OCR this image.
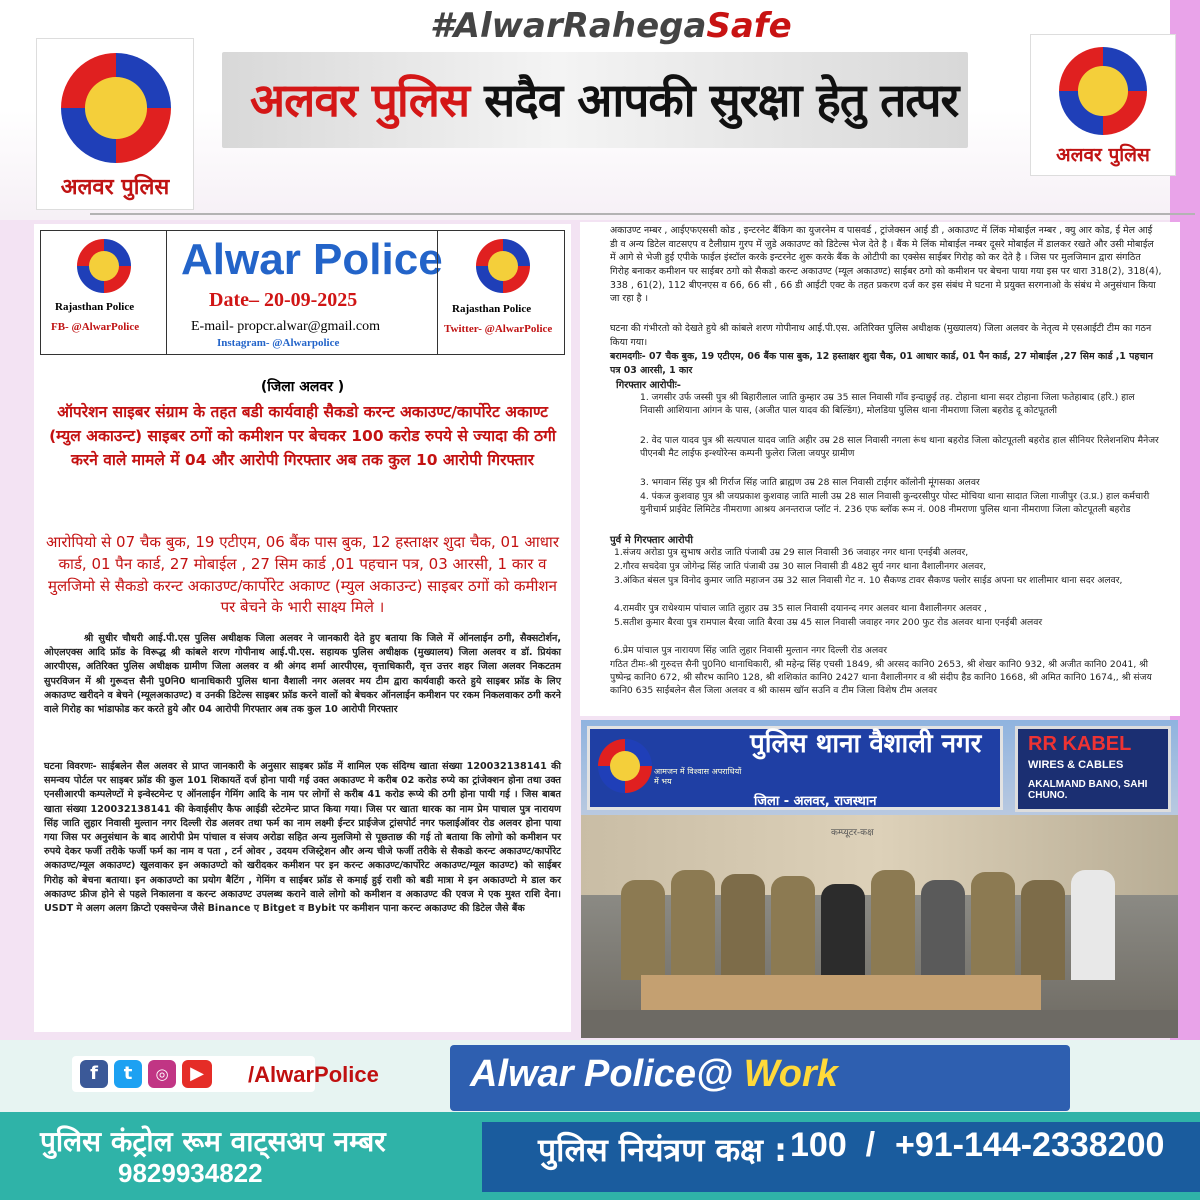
#AlwarRahegaSafe
अलवर पुलिस
अलवर पुलिस सदैव आपकी सुरक्षा हेतु तत्पर
अलवर पुलिस
Rajasthan Police
FB- @AlwarPolice
Alwar Police
Date– 20-09-2025
E-mail- propcr.alwar@gmail.com
Instagram- @Alwarpolice
Rajasthan Police
Twitter- @AlwarPolice
(जिला अलवर )
ऑपरेशन साइबर संग्राम के तहत बडी कार्यवाही सैकडो करन्ट अकाउण्ट/कार्पोरेट अकाण्ट (म्युल अकाउन्ट) साइबर ठगों को कमीशन पर बेचकर 100 करोड रुपये से ज्यादा की ठगी करने वाले मामले में 04 और आरोपी गिरफ्तार अब तक कुल 10 आरोपी गिरफ्तार
आरोपियो से 07 चैक बुक, 19 एटीएम, 06 बैंक पास बुक, 12 हस्ताक्षर शुदा चैक, 01 आधार कार्ड, 01 पैन कार्ड, 27 मोबाईल , 27 सिम कार्ड ,01 पहचान पत्र, 03 आरसी, 1 कार व मुलजिमो से सैकडो करन्ट अकाउण्ट/कार्पोरेट अकाण्ट (म्युल अकाउन्ट) साइबर ठगों को कमीशन पर बेचने के भारी साक्ष्य मिले ।
श्री सुधीर चौधरी आई.पी.एस पुलिस अधीक्षक जिला अलवर ने जानकारी देते हुए बताया कि जिले में ऑनलाईन ठगी, सैक्सटोर्शन, ओएलएक्स आदि फ्रॉड के विरूद्ध श्री कांबले शरण गोपीनाथ आई.पी.एस. सहायक पुलिस अधीक्षक (मुख्यालय) जिला अलवर व डॉ. प्रियंका आरपीएस, अतिरिक्त पुलिस अधीक्षक ग्रामीण जिला अलवर व श्री अंगद शर्मा आरपीएस, वृत्ताधिकारी, वृत्त उत्तर शहर जिला अलवर निकटतम सुपरविजन में श्री गुरूदत्त सैनी पु0नि0 थानाधिकारी पुलिस थाना वैशाली नगर अलवर मय टीम द्वारा कार्यवाही करते हुये साइबर फ्रॉड के लिए अकाउण्ट खरीदने व बेचने (म्यूलअकाउण्ट) व उनकी डिटेल्स साइबर फ्रॉड करने वालों को बेचकर ऑनलाईन कमीशन पर रकम निकलवाकर ठगी करने वाले गिरोह का भांडाफोड कर करते हुये और 04 आरोपी गिरफ्तार अब तक कुल 10 आरोपी गिरफ्तार
घटना विवरणः- साईबलेन सैल अलवर से प्राप्त जानकारी के अनुसार साइबर फ्रॉड में शामिल एक संदिग्ध खाता संख्या 120032138141 की समन्वय पोर्टल पर साइबर फ्रॉड की कुल 101 शिकायतें दर्ज होना पायी गई उक्त अकाउण्ट मे करीब 02 करोड रुप्ये का ट्रांजेक्शन होना तथा उक्त एनसीआरपी कम्पलेण्टों मे इन्वेस्टमेन्ट ए ऑनलाईन गेमिंग आदि के नाम पर लोगों से करीब 41 करोड रूप्ये की ठगी होना पायी गई । जिस बाबत खाता संख्या 120032138141 की केवाईसीए कैफ आईडी स्टेटमेन्ट प्राप्त किया गया। जिस पर खाता धारक का नाम प्रेम पाचाल पुत्र नारायण सिंह जाति लुहार निवासी मुल्तान नगर दिल्ली रोड अलवर तथा फर्म का नाम लक्ष्मी ईन्टर प्राईजेज ट्रांसपोर्ट नगर फलाईऑवर रोड अलवर होना पाया गया जिस पर अनुसंधान के बाद आरोपी प्रेम पांचाल व संजय अरोडा सहित अन्य मुलजिमो से पूछताछ की गई तो बताया कि लोगो को कमीशन पर रुपये देकर फर्जी तरीके फर्जी फर्म का नाम व पता , टर्न ओवर , उदयम रजिस्ट्रेशन और अन्य चीजे फर्जी तरीके से सैकडो करन्ट अकाउण्ट/कार्पोरेट अकाउण्ट/म्यूल अकाउण्ट) खुलवाकर इन अकाउण्टो को खरीदकर कमीशन पर इन करन्ट अकाउण्ट/कार्पोरेट अकाउण्ट/म्यूल काउण्ट) को साईबर गिरोह को बेचना बताया। इन अकाउण्टो का प्रयोग बैटिंग , गेमिंग व साईबर फ्रॉड से कमाई हुई राशी को बडी मात्रा मे इन अकाउण्टो मे डाल कर अकाउण्ट फ्रीज होने से पहले निकालना व करन्ट अकाउण्ट उपलब्ध कराने वाले लोगो को कमीशन व अकाउण्ट की एवज मे एक मुश्त राशि देना।USDT मे अलग अलग क्रिप्टो एक्सचेन्ज जैसे Binance ए Bitget व Bybit पर कमीशन पाना करन्ट अकाउण्ट की डिटेल जैसे बैंक
अकाउण्ट नम्बर , आईएफएससी कोड , इन्टरनेट बैंकिग का युजरनेम व पासवर्ड , ट्रांजेक्सन आई डी , अकाउण्ट में लिंक मोबाईल नम्बर , क्यु आर कोड, ई मेल आई डी व अन्य डिटेल वाटसएप व टैलीग्राम गुरप में जुडे अकाउण्ट को डिटेल्स भेज देते है । बैंक मे लिंक मोबाईल नम्बर दूसरे मोबाईल में डालकर रखते और उसी मोबाईल में आगे से भेजी हुई एपीके फाईल इंस्टॉल करके इन्टरनेट शुरू करके बैंक के ओटीपी का एक्सेस साईबर गिरोह को कर देते है । जिस पर मुलजिमान द्वारा संगठित गिरोह बनाकर कमीशन पर साईबर ठगो को सैकडो करन्ट अकाउण्ट (म्यूल अकाउण्ट) साईबर ठगो को कमीशन पर बेचना पाया गया इस पर धारा 318(2), 318(4), 338 , 61(2), 112 बीएनएस व 66, 66 सी , 66 डी आईटी एक्ट के तहत प्रकरण दर्ज कर इस संबंध मे घटना मे प्रयुक्त सरगनाओ के संबंध मे अनुसंधान किया जा रहा है ।
घटना की गंभीरतो को देखते हुये श्री कांबले शरण गोपीनाथ आई.पी.एस. अतिरिक्त पुलिस अधीक्षक (मुख्यालय) जिला अलवर के नेतृत्व मे एसआईटी टीम का गठन किया गया।
बरामदगीः- 07 चैक बुक, 19 एटीएम, 06 बैंक पास बुक, 12 हस्ताक्षर शुदा चैक, 01 आधार कार्ड, 01 पैन कार्ड, 27 मोबाईल ,27 सिम कार्ड ,1 पहचान पत्र 03 आरसी, 1 कार
गिरफ्तार आरोपीः-
1. जगसीर उर्फ जस्सी पुत्र श्री बिहारीलाल जाति कुम्हार उम्र 35 साल निवासी गाँव इन्दाछुई तह. टोहाना थाना सदर टोहाना जिला फतेहाबाद (हरि.) हाल निवासी आशियाना आंगन के पास, (अजीत पाल यादव की बिल्डिंग), मोलडिया पुलिस थाना नीमराणा जिला बहरोड दू कोटपूतली
2. वेद पाल यादव पुत्र श्री सत्यपाल यादव जाति अहीर उम्र 28 साल निवासी नगला रूंध थाना बहरोड जिला कोटपूतली बहरोड हाल सीनियर रिलेशनशिप मैनेजर पीएनबी मैट लाईफ इन्श्योरेन्स कम्पनी फुलेरा जिला जयपुर ग्रामीण
3. भगवान सिंह पुत्र श्री गिर्राज सिंह जाति ब्राह्मण उम्र 28 साल निवासी टाईगर कॉलोनी मूंगसका अलवर
4. पंकज कुशवाह पुत्र श्री जयप्रकाश कुशवाह जाति माली उम्र 28 साल निवासी कुन्दरसीपुर पोस्ट मोचिया थाना सादात जिला गाजीपुर (उ.प्र.) हाल कर्मचारी युनीचार्म प्राईवेट लिमिटेड नीमराणा आश्रय अनन्तराज प्लॉट नं. 236 एफ ब्लॉक रूम नं. 008 नीमराणा पुलिस थाना नीमराणा जिला कोटपूतली बहरोड
पुर्व मे गिरफ्तार आरोपी
1.संजय अरोडा पुत्र सुभाष अरोड जाति पंजाबी उम्र 29 साल निवासी 36 जवाहर नगर थाना एनईबी अलवर,
2.गौरव सचदेवा पुत्र जोगेन्द्र सिंह जाति पंजाबी उम्र 30 साल निवासी डी 482 सुर्य नगर थाना वैशालीनगर अलवर,
3.अंकित बंसल पुत्र विनोद कुमार जाति महाजन उम्र 32 साल निवासी गेट न. 10 सैकण्ड टावर सैकण्ड फ्लोर साईड अपना घर शालीमार थाना सदर अलवर,
4.रामवीर पुत्र राधेश्याम पांचाल जाति लुहार उम्र 35 साल निवासी दयानन्द नगर अलवर थाना वैशालीनगर अलवर ,
5.सतीश कुमार बैरवा पुत्र रामपाल बैरवा जाति बैरवा उम्र 45 साल निवासी जवाहर नगर 200 फुट रोड अलवर थाना एनईबी अलवर
6.प्रेम पांचाल पुत्र नारायण सिंह जाति लुहार निवासी मुल्तान नगर दिल्ली रोड अलवर
गठित टीमः-श्री गुरुदत्त सैनी पु0नि0 थानाधिकारी, श्री महेन्द्र सिंह एचसी 1849, श्री अरसद कानि0 2653, श्री शेखर कानि0 932, श्री अजीत कानि0 2041, श्री पुष्पेन्द्र कानि0 672, श्री सौरभ कानि0 128, श्री शशिकांत कानि0 2427 थाना वैशालीनगर व श्री संदीप हैड कानि0 1668, श्री अमित कानि0 1674,, श्री संजय कानि0 635 साईबलेन सैल जिला अलवर व श्री कासम खॉन सउनि व टीम जिला विशेष टीम अलवर
आमजन में विश्वास अपराधियों में भय
पुलिस थाना वैशाली नगर
जिला - अलवर, राजस्थान
RR KABEL
WIRES & CABLES
AKALMAND BANO, SAHI CHUNO.
कम्प्यूटर-कक्ष
f	t	◎	▶	/AlwarPolice Alwar Police@ Work
पुलिस कंट्रोल रूम वाट्सअप नम्बर
9829934822
पुलिस नियंत्रण कक्ष : 100  / +91-144-2338200
